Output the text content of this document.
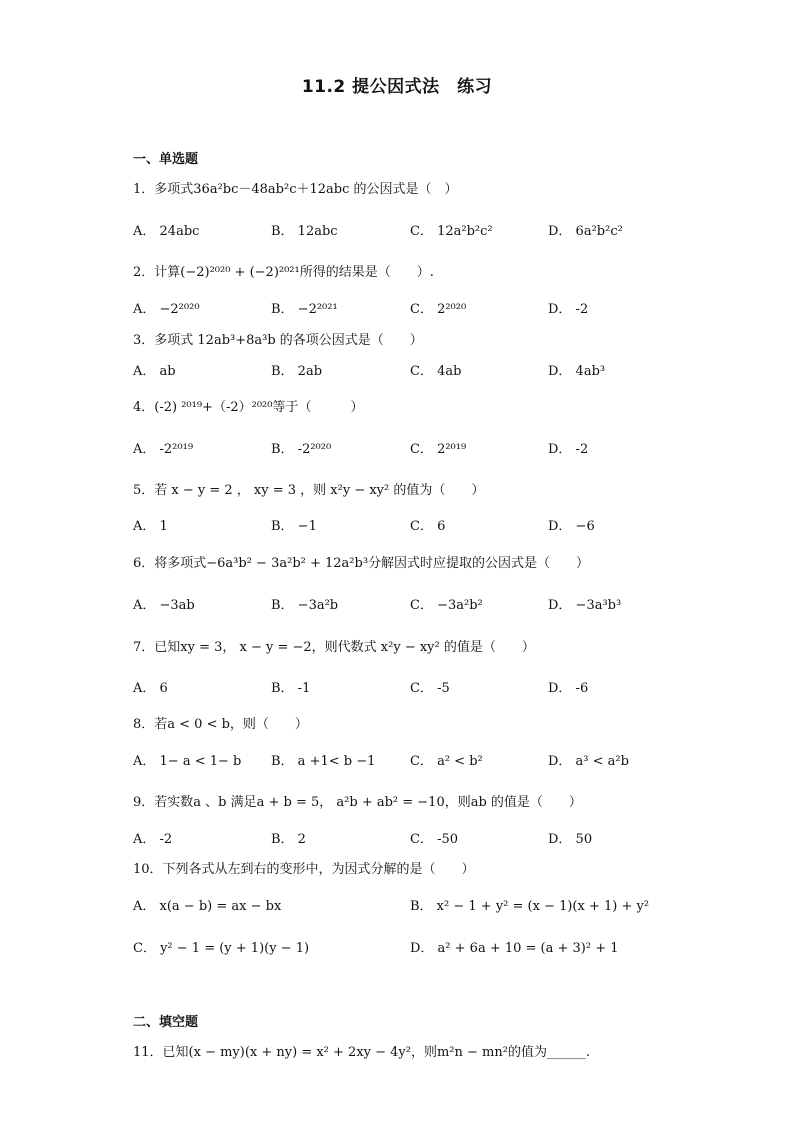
11.2 提公因式法　练习
一、单选题
1．多项式36a²bc－48ab²c＋12abc 的公因式是（　）
A． 24abc	B． 12abc	C． 12a²b²c²	D． 6a²b²c²
2．计算(−2)²⁰²⁰ + (−2)²⁰²¹所得的结果是（　　）.
A． −2²⁰²⁰	B． −2²⁰²¹	C． 2²⁰²⁰	D． -2
3．多项式 12ab³+8a³b 的各项公因式是（　　）
A． ab	B． 2ab	C． 4ab	D． 4ab³
4．(-2) ²⁰¹⁹+（-2）²⁰²⁰等于（　　　）
A． -2²⁰¹⁹	B． -2²⁰²⁰	C． 2²⁰¹⁹	D． -2
5．若 x − y = 2 ， xy = 3 ，则 x²y − xy² 的值为（　　）
A． 1	B． −1	C． 6	D． −6
6．将多项式−6a³b² − 3a²b² + 12a²b³分解因式时应提取的公因式是（　　）
A． −3ab	B． −3a²b	C． −3a²b²	D． −3a³b³
7．已知xy = 3， x − y = −2，则代数式 x²y − xy² 的值是（　　）
A． 6	B． -1	C． -5	D． -6
8．若a < 0 < b，则（　　）
A． 1− a < 1− b B． a +1< b −1	C． a² < b²	D． a³ < a²b
9．若实数a 、b 满足a + b = 5， a²b + ab² = −10，则ab 的值是（　　）
A． -2	B． 2	C． -50	D． 50
10．下列各式从左到右的变形中，为因式分解的是（　　）
A． x(a − b) = ax − bx	B． x² − 1 + y² = (x − 1)(x + 1) + y²
C． y² − 1 = (y + 1)(y − 1)	D． a² + 6a + 10 = (a + 3)² + 1
二、填空题
11．已知(x − my)(x + ny) = x² + 2xy − 4y²，则m²n − mn²的值为______.
